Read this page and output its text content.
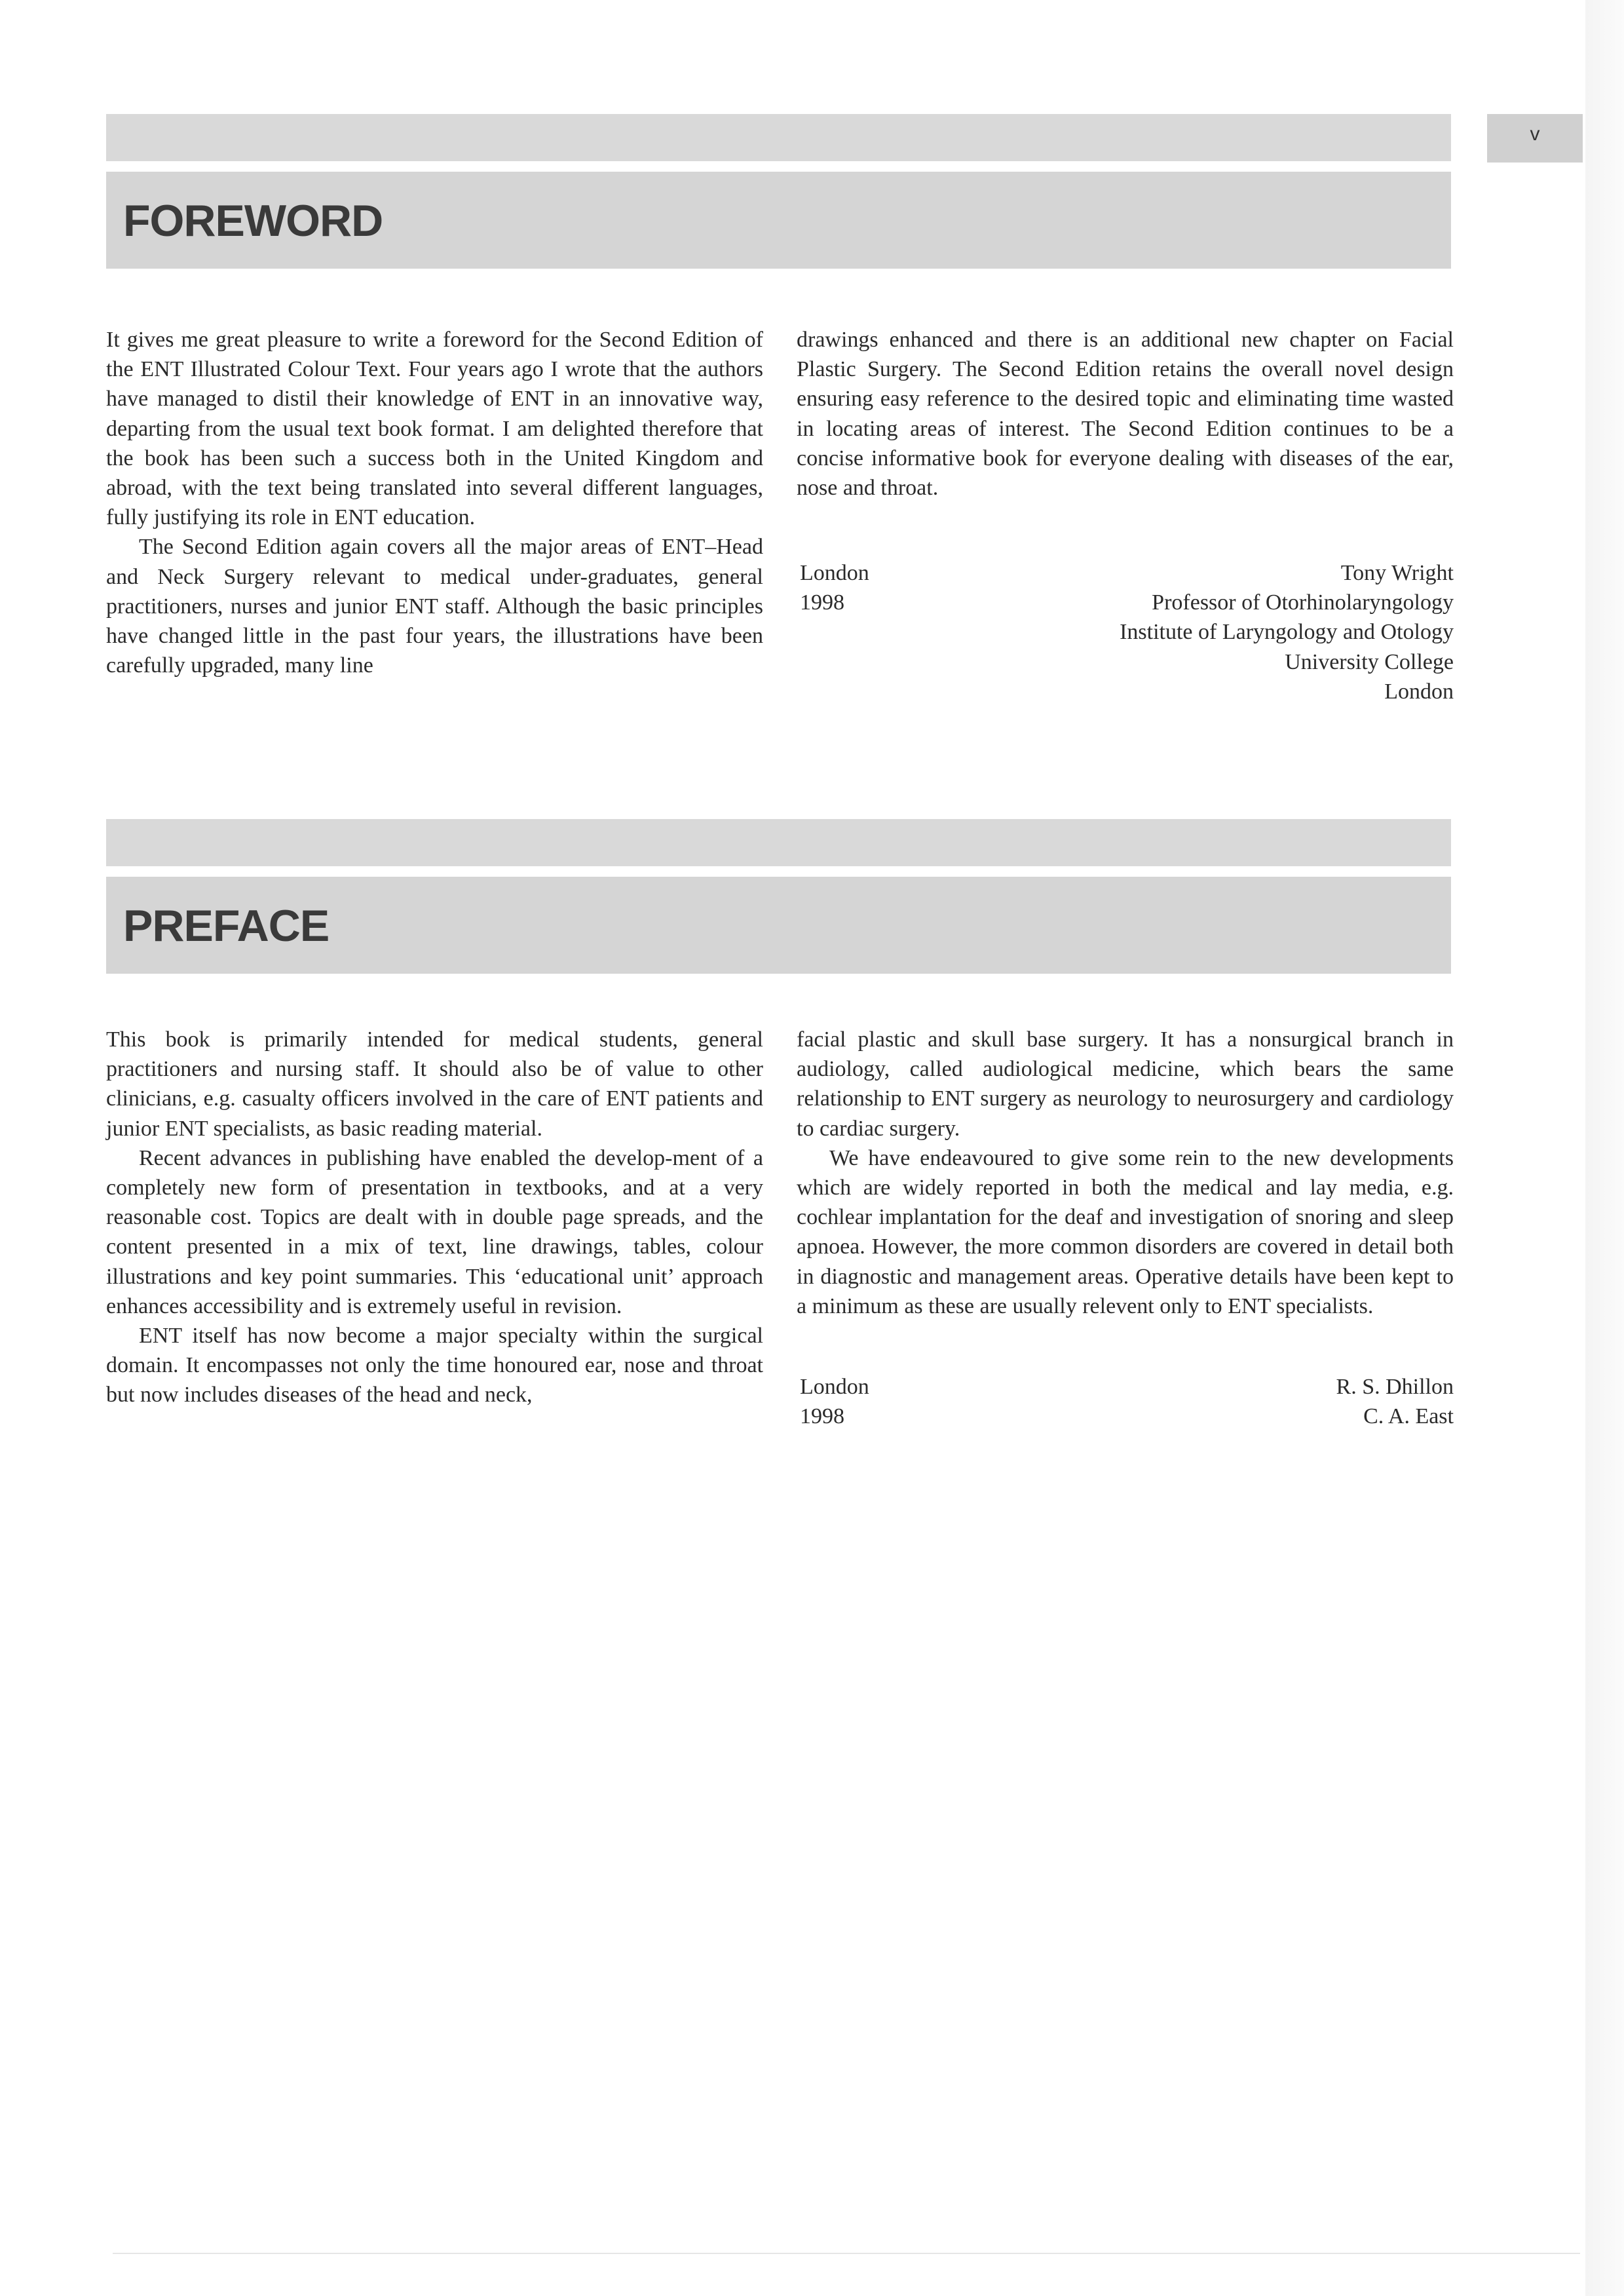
v
FOREWORD

It gives me great pleasure to write a foreword for the Second Edition of the ENT Illustrated Colour Text. Four years ago I wrote that the authors have managed to distil their knowledge of ENT in an innovative way, departing from the usual text book format. I am delighted therefore that the book has been such a success both in the United Kingdom and abroad, with the text being translated into several different languages, fully justifying its role in ENT education.

The Second Edition again covers all the major areas of ENT–Head and Neck Surgery relevant to medical under-graduates, general practitioners, nurses and junior ENT staff. Although the basic principles have changed little in the past four years, the illustrations have been carefully upgraded, many line

drawings enhanced and there is an additional new chapter on Facial Plastic Surgery. The Second Edition retains the overall novel design ensuring easy reference to the desired topic and eliminating time wasted in locating areas of interest. The Second Edition continues to be a concise informative book for everyone dealing with diseases of the ear, nose and throat.

London
1998
Tony Wright
Professor of Otorhinolaryngology
Institute of Laryngology and Otology
University College
London
PREFACE

This book is primarily intended for medical students, general practitioners and nursing staff. It should also be of value to other clinicians, e.g. casualty officers involved in the care of ENT patients and junior ENT specialists, as basic reading material.

Recent advances in publishing have enabled the develop-ment of a completely new form of presentation in textbooks, and at a very reasonable cost. Topics are dealt with in double page spreads, and the content presented in a mix of text, line drawings, tables, colour illustrations and key point summaries. This ‘educational unit’ approach enhances accessibility and is extremely useful in revision.

ENT itself has now become a major specialty within the surgical domain. It encompasses not only the time honoured ear, nose and throat but now includes diseases of the head and neck,

facial plastic and skull base surgery. It has a nonsurgical branch in audiology, called audiological medicine, which bears the same relationship to ENT surgery as neurology to neurosurgery and cardiology to cardiac surgery.

We have endeavoured to give some rein to the new developments which are widely reported in both the medical and lay media, e.g. cochlear implantation for the deaf and investigation of snoring and sleep apnoea. However, the more common disorders are covered in detail both in diagnostic and management areas. Operative details have been kept to a minimum as these are usually relevent only to ENT specialists.

London
1998
R. S. Dhillon
C. A. East
